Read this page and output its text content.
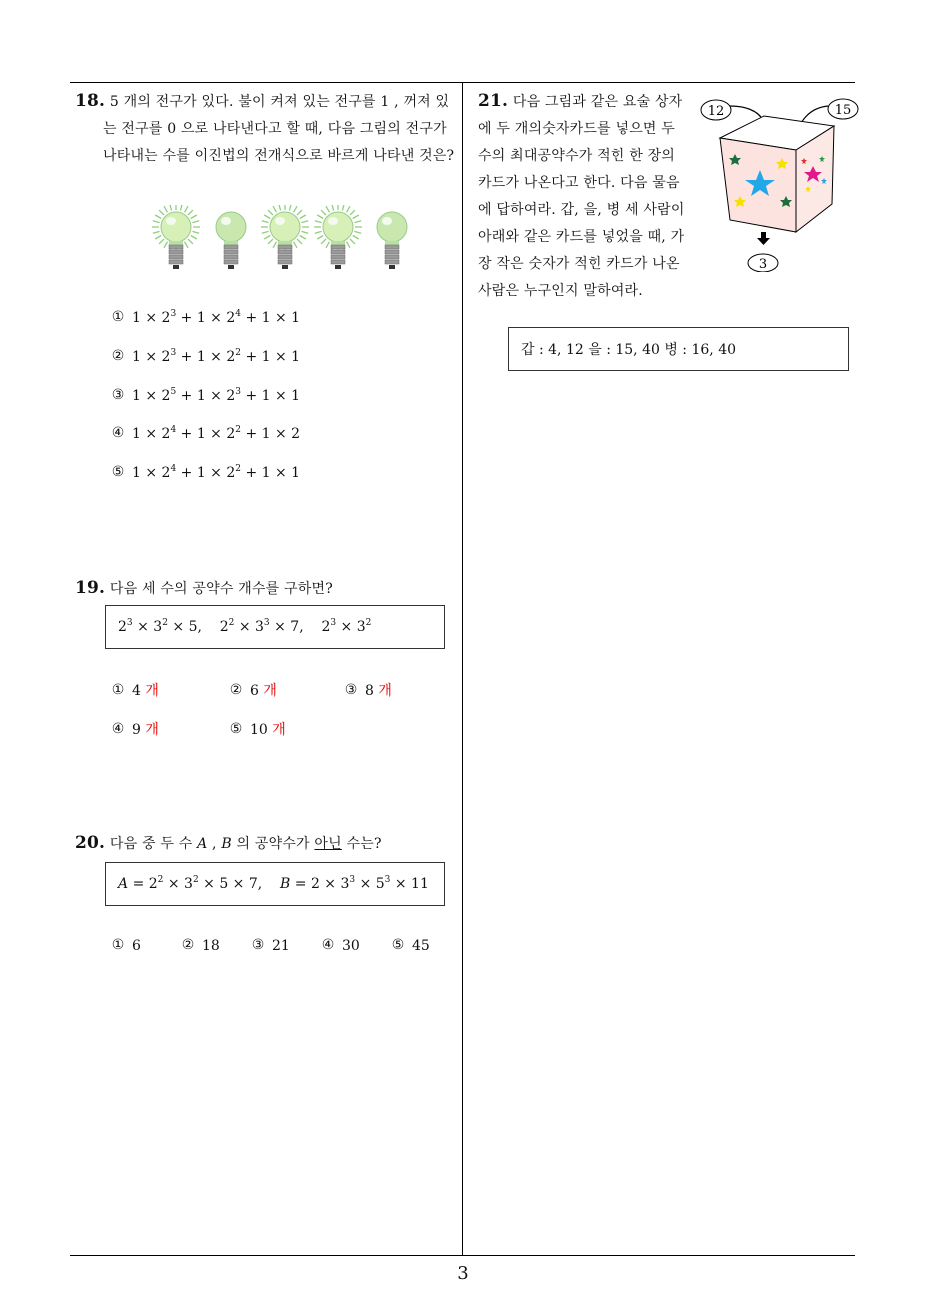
3
18. 5 개의 전구가 있다. 불이 켜져 있는 전구를 1 , 꺼져 있는 전구를 0 으로 나타낸다고 할 때, 다음 그림의 전구가 나타내는 수를 이진법의 전개식으로 바르게 나타낸 것은?
① $1 \times 2^3 + 1 \times 2^4 + 1 \times 1$
② $1 \times 2^3 + 1 \times 2^2 + 1 \times 1$
③ $1 \times 2^5 + 1 \times 2^3 + 1 \times 1$
④ $1 \times 2^4 + 1 \times 2^2 + 1 \times 2$
⑤ $1 \times 2^4 + 1 \times 2^2 + 1 \times 1$
19. 다음 세 수의 공약수 개수를 구하면?
$2^3 \times 3^2 \times 5$,    $2^2 \times 3^3 \times 7$,    $2^3 \times 3^2$
① 4 개	② 6 개	③ 8 개
④ 9 개	⑤ 10 개
20. 다음 중 두 수 A , B 의 공약수가 아닌 수는?
$A = 2^2 \times 3^2 \times 5 \times 7$,    $B = 2 \times 3^3 \times 5^3 \times 11$
① 6	② 18 ③ 21 ④ 30 ⑤ 45
21. 다음 그림과 같은 요술 상자에 두 개의숫자카드를 넣으면 두 수의 최대공약수가 적힌 한 장의 카드가 나온다고 한다. 다음 물음에 답하여라. 갑, 을, 병 세 사람이 아래와 같은 카드를 넣었을 때, 가장 작은 숫자가 적힌 카드가 나온 사람은 누구인지 말하여라.
12	15
3
갑 : 4, 12 을 : 15, 40 병 : 16, 40
